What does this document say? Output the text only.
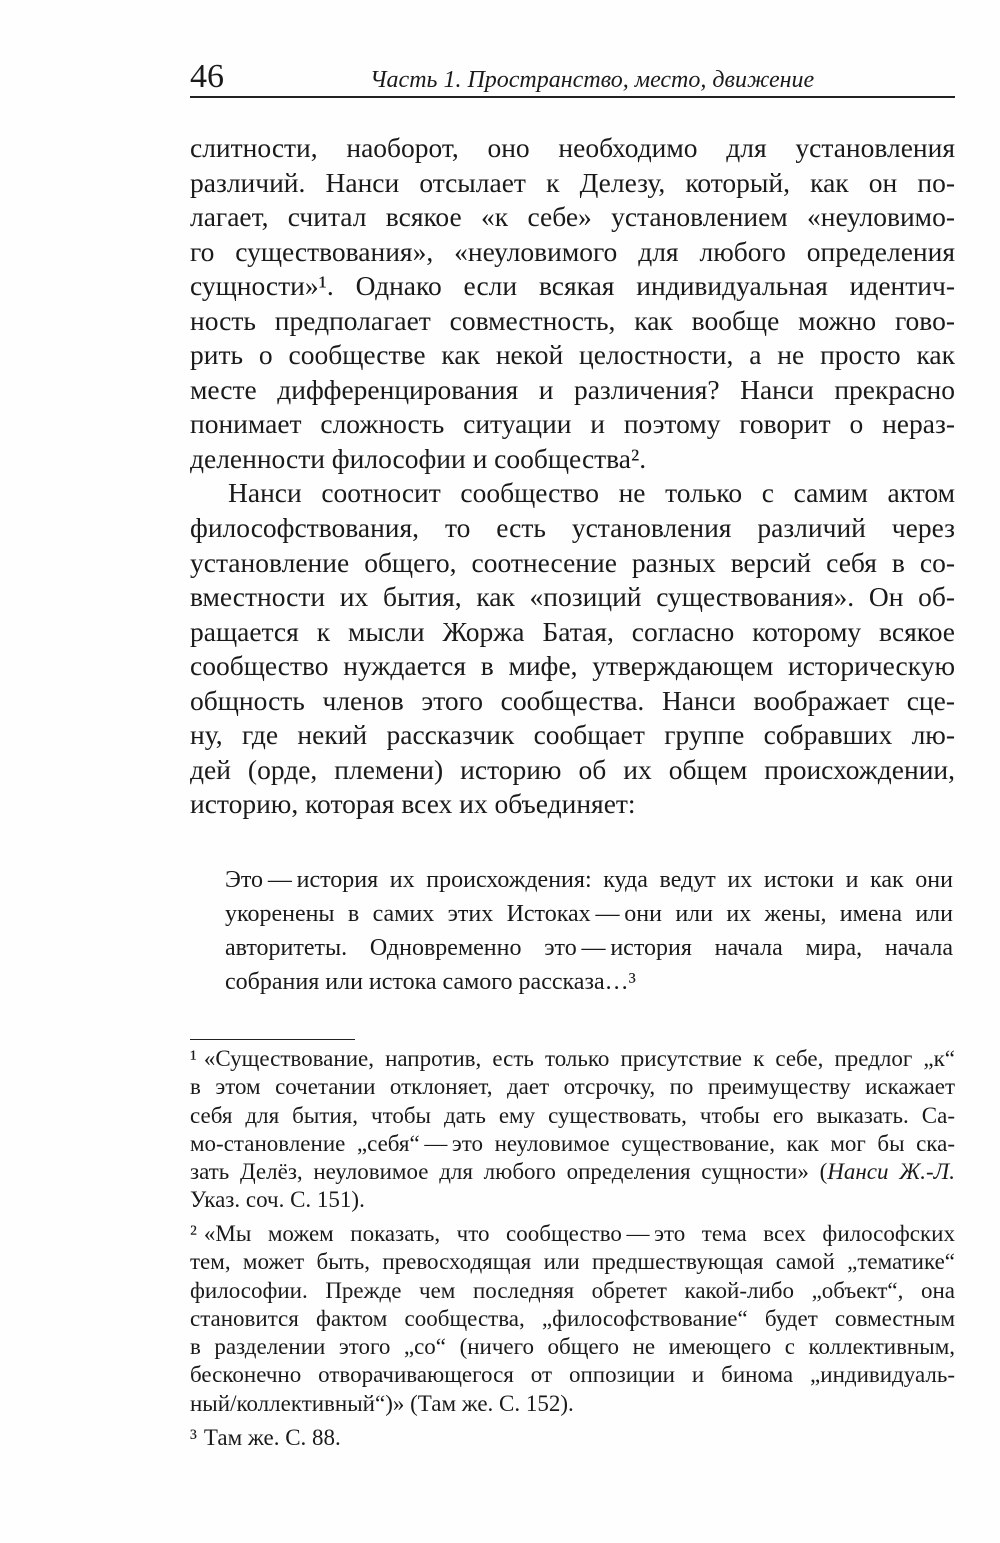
46	Часть 1. Пространство, место, движение
слитности, наоборот, оно необходимо для установления
различий. Нанси отсылает к Делезу, который, как он по-
лагает, считал всякое «к себе» установлением «неуловимо-
го существования», «неуловимого для любого определения
сущности»¹. Однако если всякая индивидуальная идентич-
ность предполагает совместность, как вообще можно гово-
рить о сообществе как некой целостности, а не просто как
месте дифференцирования и различения? Нанси прекрасно
понимает сложность ситуации и поэтому говорит о нераз-
деленности философии и сообщества².
Нанси соотносит сообщество не только с самим актом
философствования, то есть установления различий через
установление общего, соотнесение разных версий себя в со-
вместности их бытия, как «позиций существования». Он об-
ращается к мысли Жоржа Батая, согласно которому всякое
сообщество нуждается в мифе, утверждающем историческую
общность членов этого сообщества. Нанси воображает сце-
ну, где некий рассказчик сообщает группе собравших лю-
дей (орде, племени) историю об их общем происхождении,
историю, которая всех их объединяет:
Это — история их происхождения: куда ведут их истоки и как они
укоренены в самих этих Истоках — они или их жены, имена или
авторитеты. Одновременно это — история начала мира, начала
собрания или истока самого рассказа…³
¹ «Существование, напротив, есть только присутствие к себе, предлог „к“
в этом сочетании отклоняет, дает отсрочку, по преимуществу искажает
себя для бытия, чтобы дать ему существовать, чтобы его выказать. Са-
мо-становление „себя“ — это неуловимое существование, как мог бы ска-
зать Делёз, неуловимое для любого определения сущности» (Нанси Ж.-Л.
Указ. соч. С. 151).
² «Мы можем показать, что сообщество — это тема всех философских
тем, может быть, превосходящая или предшествующая самой „тематике“
философии. Прежде чем последняя обретет какой-либо „объект“, она
становится фактом сообщества, „философствование“ будет совместным
в разделении этого „со“ (ничего общего не имеющего с коллективным,
бесконечно отворачивающегося от оппозиции и бинома „индивидуаль-
ный/коллективный“)» (Там же. С. 152).
³ Там же. С. 88.
